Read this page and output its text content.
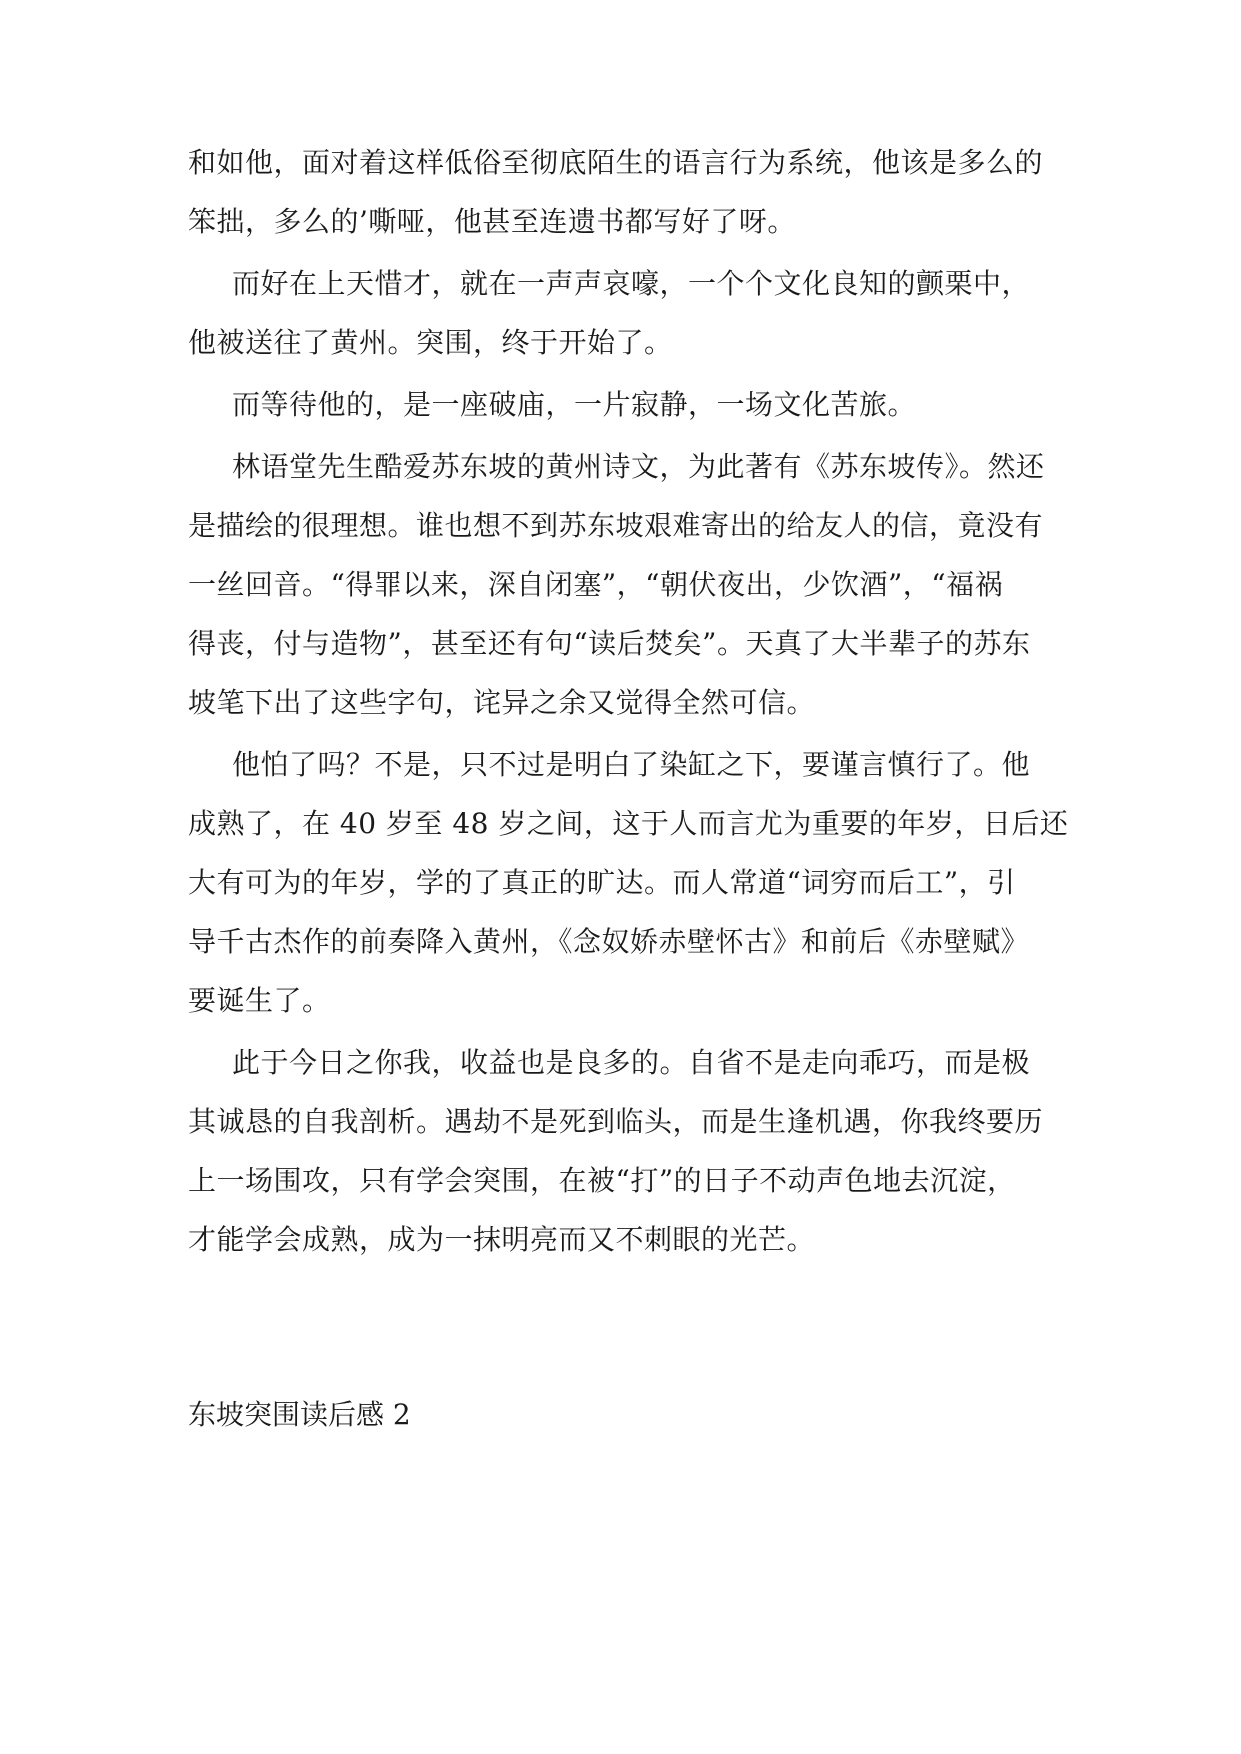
和如他，面对着这样低俗至彻底陌生的语言行为系统，他该是多么的
笨拙，多么的’嘶哑，他甚至连遗书都写好了呀。
而好在上天惜才，就在一声声哀嚎，一个个文化良知的颤栗中，
他被送往了黄州。突围，终于开始了。
而等待他的，是一座破庙，一片寂静，一场文化苦旅。
林语堂先生酷爱苏东坡的黄州诗文，为此著有《苏东坡传》。然还
是描绘的很理想。谁也想不到苏东坡艰难寄出的给友人的信，竟没有
一丝回音。“得罪以来，深自闭塞”，“朝伏夜出，少饮酒”，“福祸
得丧，付与造物”，甚至还有句“读后焚矣”。天真了大半辈子的苏东
坡笔下出了这些字句，诧异之余又觉得全然可信。
他怕了吗？不是，只不过是明白了染缸之下，要谨言慎行了。他
成熟了，在 40 岁至 48 岁之间，这于人而言尤为重要的年岁，日后还
大有可为的年岁，学的了真正的旷达。而人常道“词穷而后工”，引
导千古杰作的前奏降入黄州，《念奴娇赤壁怀古》和前后《赤壁赋》
要诞生了。
此于今日之你我，收益也是良多的。自省不是走向乖巧，而是极
其诚恳的自我剖析。遇劫不是死到临头，而是生逢机遇，你我终要历
上一场围攻，只有学会突围，在被“打”的日子不动声色地去沉淀，
才能学会成熟，成为一抹明亮而又不刺眼的光芒。
东坡突围读后感 2
